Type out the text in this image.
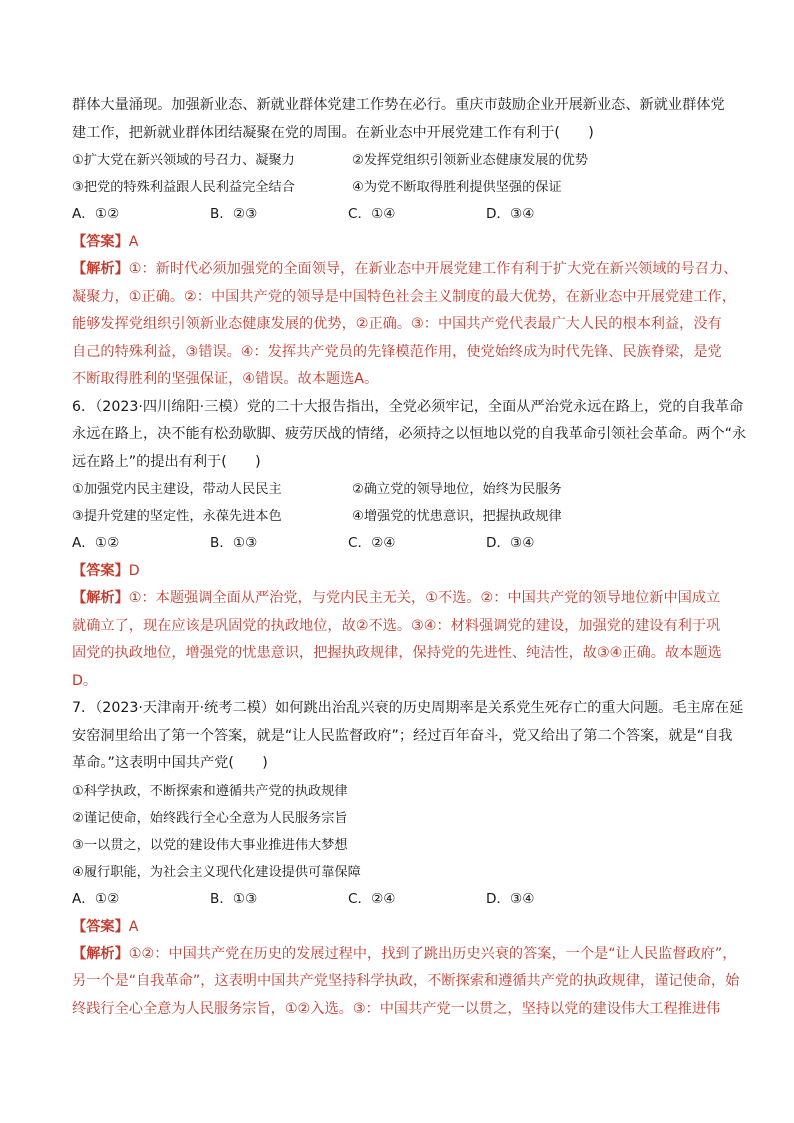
群体大量涌现。加强新业态、新就业群体党建工作势在必行。重庆市鼓励企业开展新业态、新就业群体党
建工作，把新就业群体团结凝聚在党的周围。在新业态中开展党建工作有利于(　　)
①扩大党在新兴领域的号召力、凝聚力	②发挥党组织引领新业态健康发展的优势
③把党的特殊利益跟人民利益完全结合	④为党不断取得胜利提供坚强的保证
A．①②	B．②③	C．①④	D．③④
【答案】A
【解析】①：新时代必须加强党的全面领导，在新业态中开展党建工作有利于扩大党在新兴领域的号召力、
凝聚力，①正确。②：中国共产党的领导是中国特色社会主义制度的最大优势，在新业态中开展党建工作，
能够发挥党组织引领新业态健康发展的优势，②正确。③：中国共产党代表最广大人民的根本利益，没有
自己的特殊利益，③错误。④：发挥共产党员的先锋模范作用，使党始终成为时代先锋、民族脊梁，是党
不断取得胜利的坚强保证，④错误。故本题选A。
6．（2023·四川绵阳·三模）党的二十大报告指出，全党必须牢记，全面从严治党永远在路上，党的自我革命
永远在路上，决不能有松劲歇脚、疲劳厌战的情绪，必须持之以恒地以党的自我革命引领社会革命。两个“永
远在路上”的提出有利于(　　)
①加强党内民主建设，带动人民民主	②确立党的领导地位，始终为民服务
③提升党建的坚定性，永葆先进本色	④增强党的忧患意识，把握执政规律
A．①②	B．①③	C．②④	D．③④
【答案】D
【解析】①：本题强调全面从严治党，与党内民主无关，①不选。②：中国共产党的领导地位新中国成立
就确立了，现在应该是巩固党的执政地位，故②不选。③④：材料强调党的建设，加强党的建设有利于巩
固党的执政地位，增强党的忧患意识，把握执政规律，保持党的先进性、纯洁性，故③④正确。故本题选
D。
7．（2023·天津南开·统考二模）如何跳出治乱兴衰的历史周期率是关系党生死存亡的重大问题。毛主席在延
安窑洞里给出了第一个答案，就是“让人民监督政府”；经过百年奋斗，党又给出了第二个答案，就是“自我
革命。”这表明中国共产党(　　)
①科学执政，不断探索和遵循共产党的执政规律
②谨记使命，始终践行全心全意为人民服务宗旨
③一以贯之，以党的建设伟大事业推进伟大梦想
④履行职能，为社会主义现代化建设提供可靠保障
A．①②	B．①③	C．②④	D．③④
【答案】A
【解析】①②：中国共产党在历史的发展过程中，找到了跳出历史兴衰的答案，一个是“让人民监督政府”，
另一个是“自我革命”，这表明中国共产党坚持科学执政，不断探索和遵循共产党的执政规律，谨记使命，始
终践行全心全意为人民服务宗旨，①②入选。③：中国共产党一以贯之，坚持以党的建设伟大工程推进伟
